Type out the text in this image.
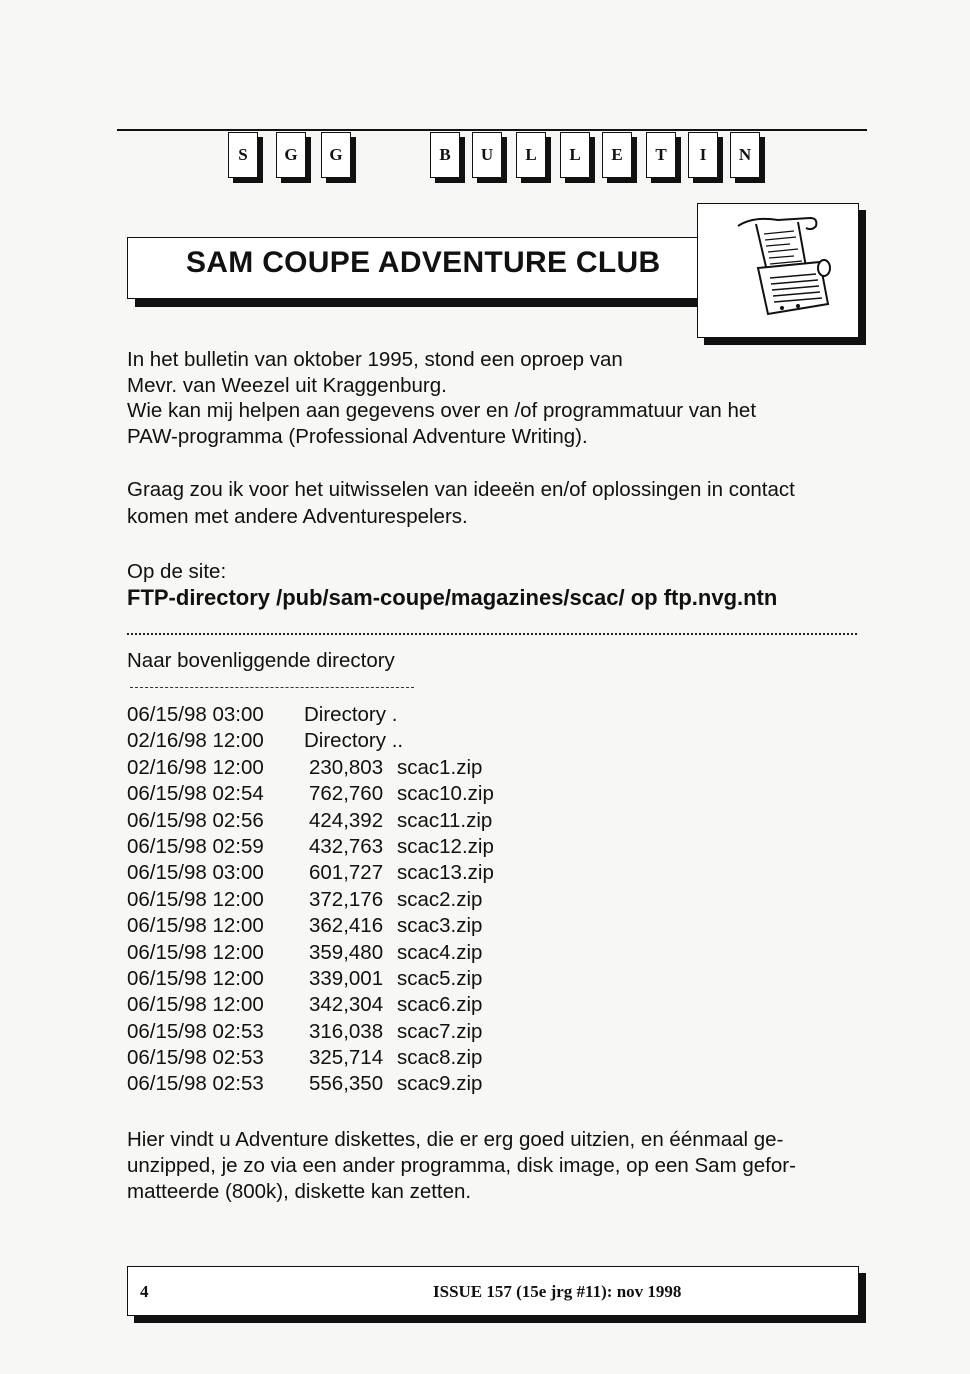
S	G	G	B	U	L	L	E	T	I	N
SAM COUPE ADVENTURE CLUB
In het bulletin van oktober 1995, stond een oproep van
Mevr. van Weezel uit Kraggenburg.
Wie kan mij helpen aan gegevens over en /of programmatuur van het
PAW-programma (Professional Adventure Writing).
Graag zou ik voor het uitwisselen van ideeën en/of oplossingen in contact
komen met andere Adventurespelers.
Op de site:
FTP-directory /pub/sam-coupe/magazines/scac/ op ftp.nvg.ntn
Naar bovenliggende directory
06/15/98 03:00 Directory .
02/16/98 12:00 Directory ..
02/16/98 12:00 230,803 scac1.zip
06/15/98 02:54 762,760 scac10.zip
06/15/98 02:56 424,392 scac11.zip
06/15/98 02:59 432,763 scac12.zip
06/15/98 03:00 601,727 scac13.zip
06/15/98 12:00 372,176 scac2.zip
06/15/98 12:00 362,416 scac3.zip
06/15/98 12:00 359,480 scac4.zip
06/15/98 12:00 339,001 scac5.zip
06/15/98 12:00 342,304 scac6.zip
06/15/98 02:53 316,038 scac7.zip
06/15/98 02:53 325,714 scac8.zip
06/15/98 02:53 556,350 scac9.zip
Hier vindt u Adventure diskettes, die er erg goed uitzien, en éénmaal ge-
unzipped, je zo via een ander programma, disk image, op een Sam gefor-
matteerde (800k), diskette kan zetten.
4	ISSUE 157 (15e jrg #11): nov 1998
